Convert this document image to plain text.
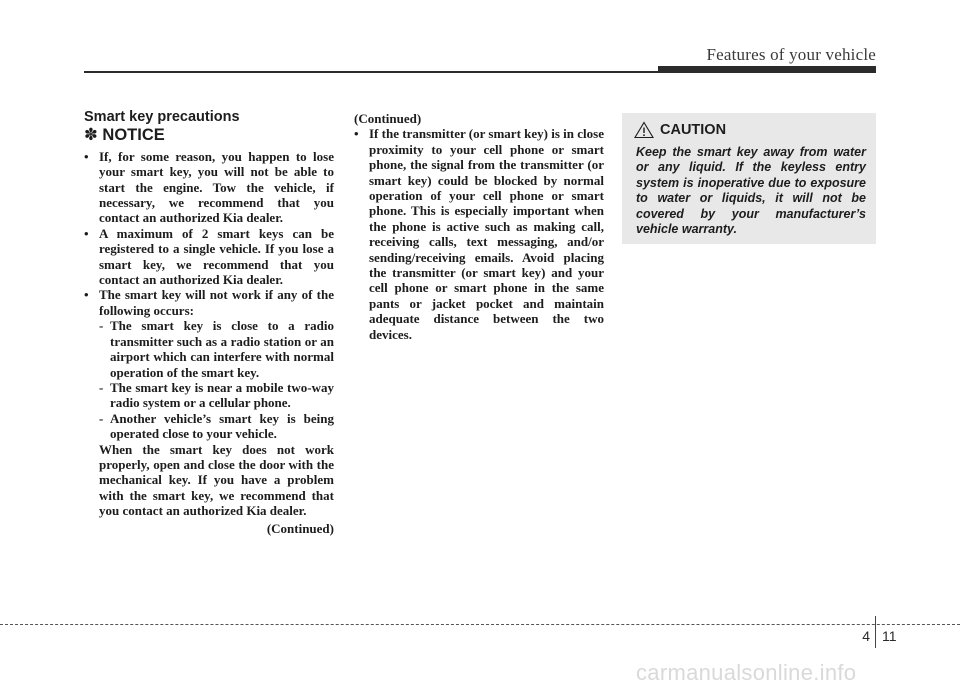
Features of your vehicle
Smart key precautions
✽ NOTICE

• If, for some reason, you happen to lose your smart key, you will not be able to start the engine. Tow the vehicle, if necessary, we recommend that you contact an authorized Kia dealer.

• A maximum of 2 smart keys can be registered to a single vehicle. If you lose a smart key, we recommend that you contact an authorized Kia dealer.

• The smart key will not work if any of the following occurs:

- The smart key is close to a radio transmitter such as a radio station or an airport which can interfere with normal operation of the smart key.

- The smart key is near a mobile two-way radio system or a cellular phone.

- Another vehicle’s smart key is being operated close to your vehicle.

When the smart key does not work properly, open and close the door with the mechanical key. If you have a problem with the smart key, we recommend that you contact an authorized Kia dealer.

(Continued)

(Continued)

• If the transmitter (or smart key) is in close proximity to your cell phone or smart phone, the signal from the transmitter (or smart key) could be blocked by normal operation of your cell phone or smart phone. This is especially important when the phone is active such as making call, receiving calls, text messaging, and/or sending/receiving emails. Avoid placing the transmitter (or smart key) and your cell phone or smart phone in the same pants or jacket pocket and maintain adequate distance between the two devices.

CAUTION

Keep the smart key away from water or any liquid. If the keyless entry system is inoperative due to exposure to water or liquids, it will not be covered by your manufacturer’s vehicle warranty.

4 11
carmanualsonline.info
